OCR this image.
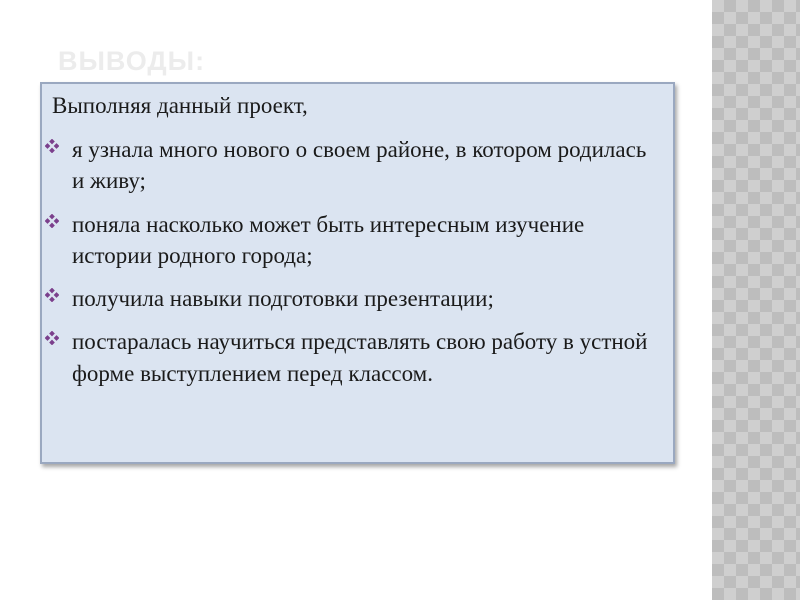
ВЫВОДЫ:
Выполняя данный проект,
я узнала много нового о своем районе, в котором родилась и живу;
поняла насколько может быть интересным изучение истории родного города;
получила навыки подготовки презентации;
постаралась научиться представлять свою работу в устной форме выступлением перед классом.
